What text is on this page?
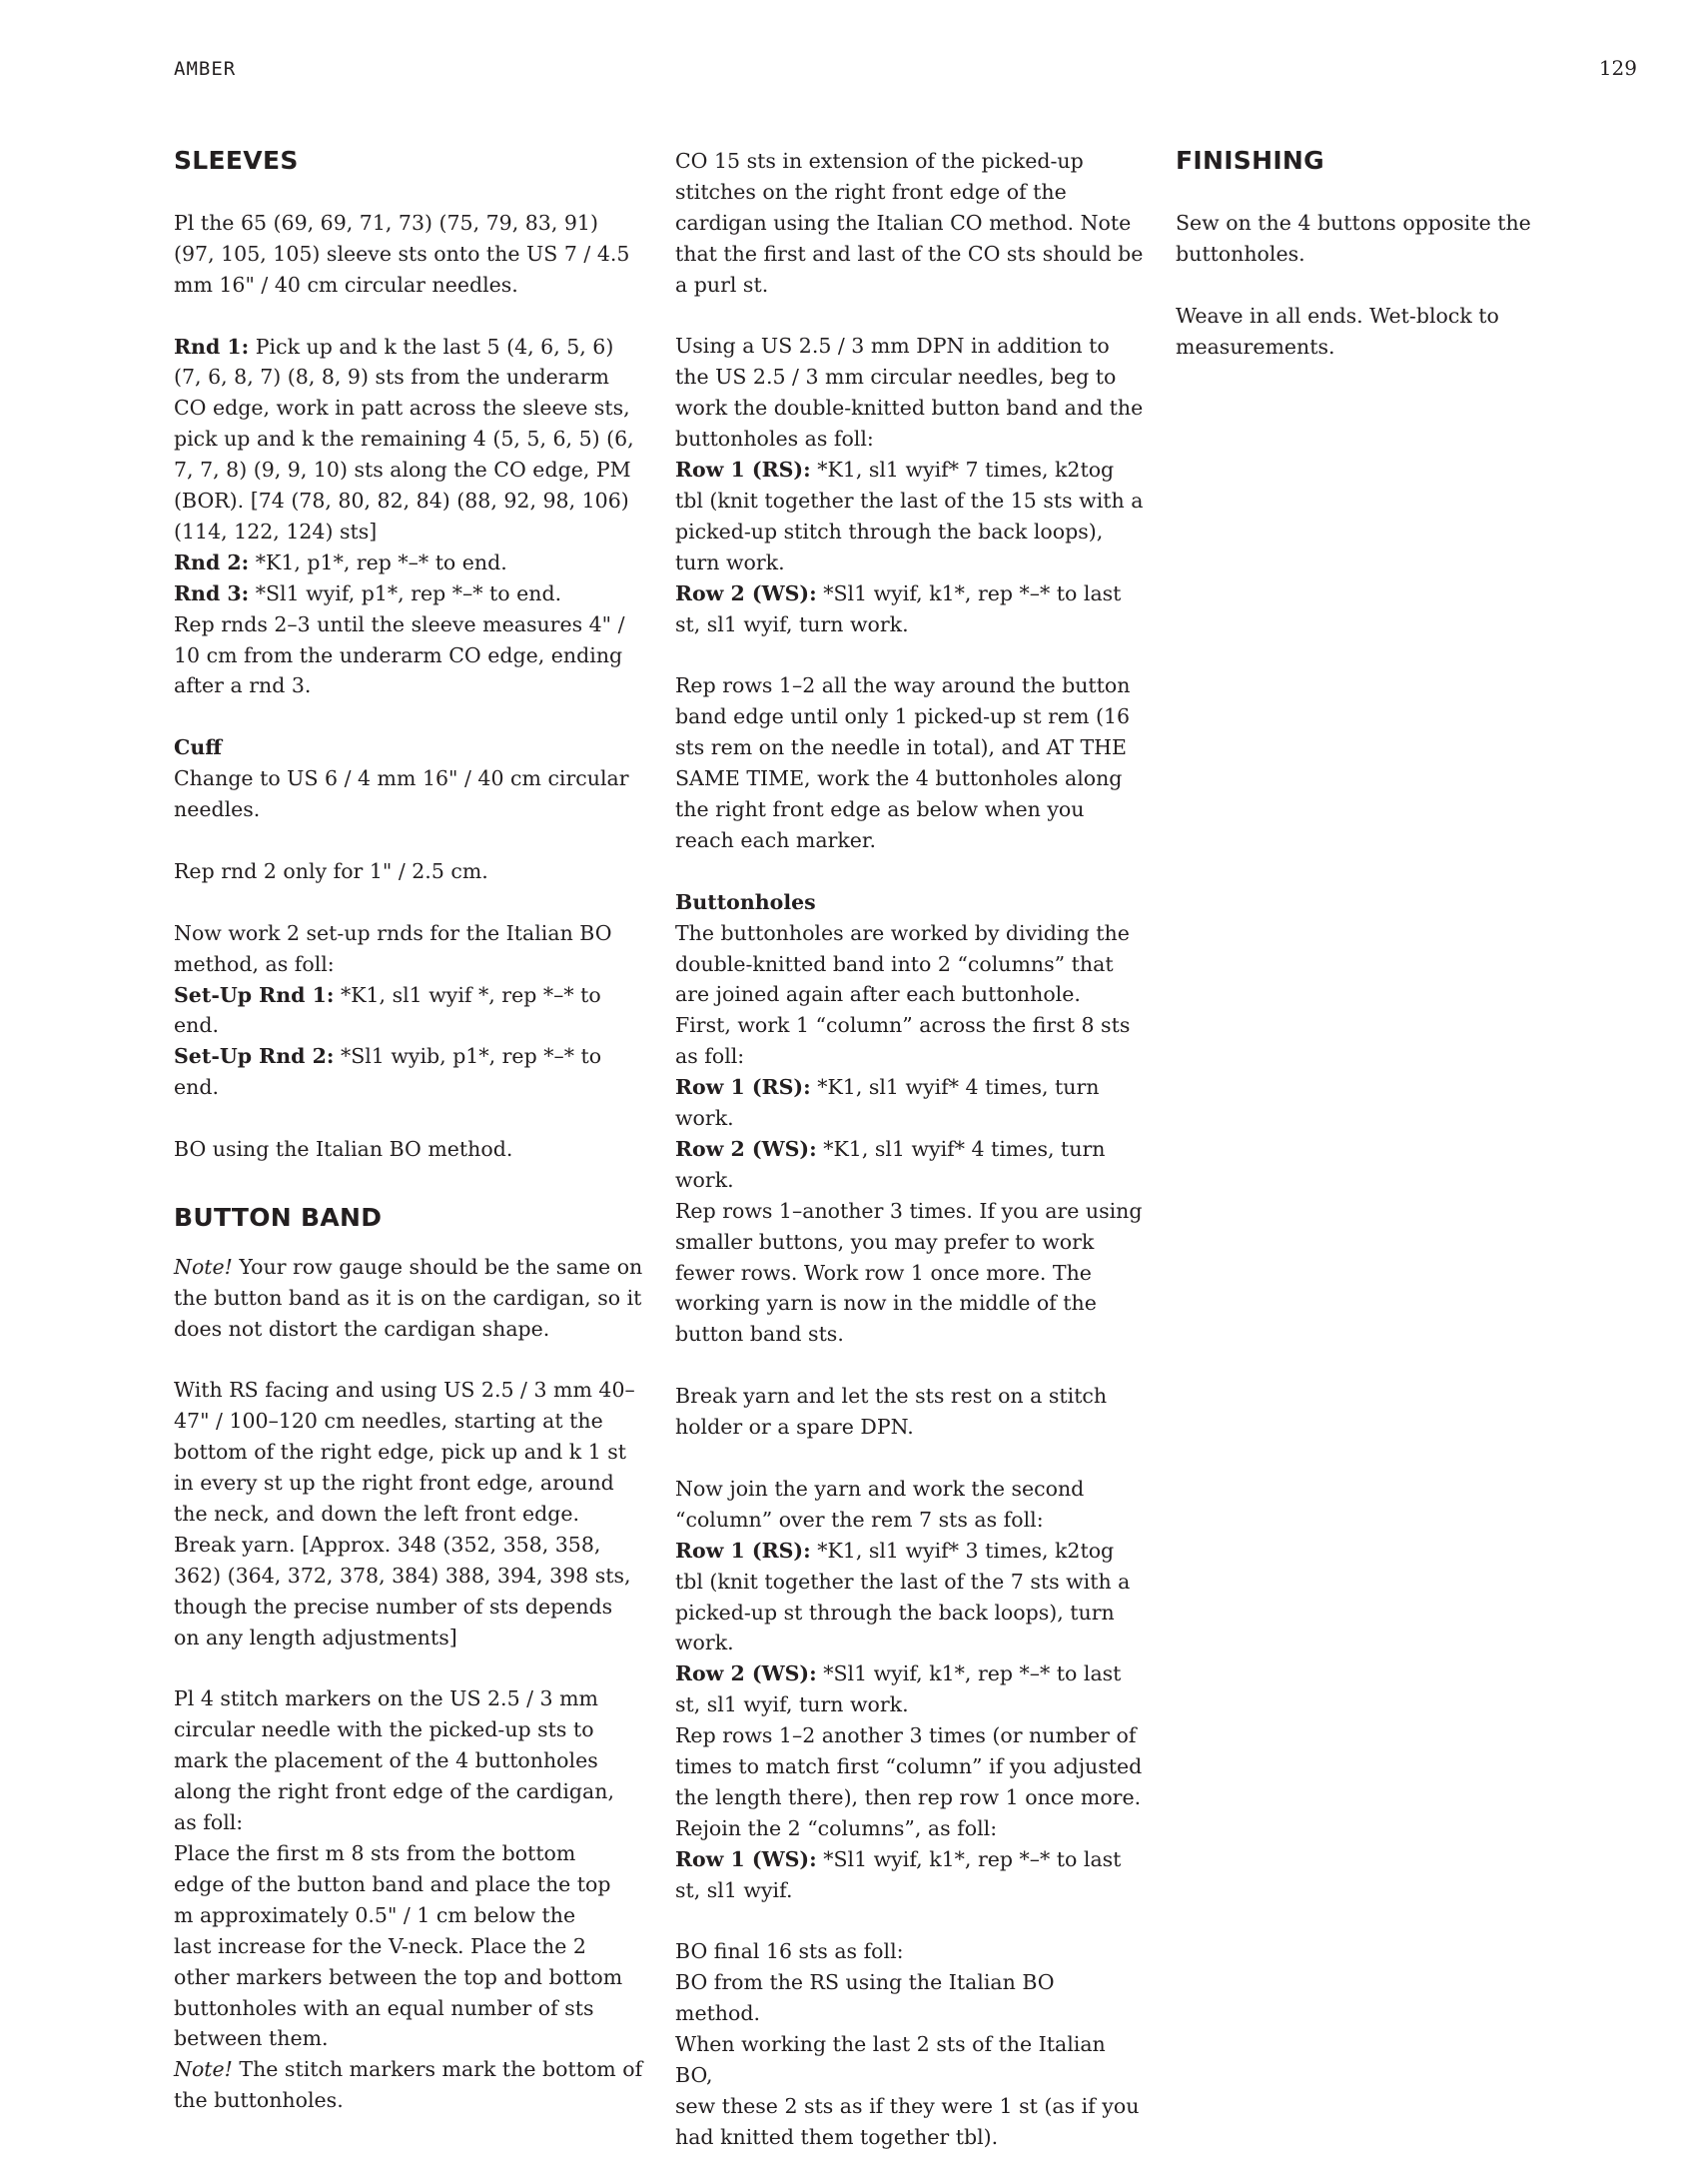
AMBER	129

SLEEVES

Pl the 65 (69, 69, 71, 73) (75, 79, 83, 91) (97, 105, 105) sleeve sts onto the US 7 / 4.5 mm 16" / 40 cm circular needles.

Rnd 1: Pick up and k the last 5 (4, 6, 5, 6) (7, 6, 8, 7) (8, 8, 9) sts from the underarm CO edge, work in patt across the sleeve sts, pick up and k the remaining 4 (5, 5, 6, 5) (6, 7, 7, 8) (9, 9, 10) sts along the CO edge, PM (BOR). [74 (78, 80, 82, 84) (88, 92, 98, 106) (114, 122, 124) sts]
Rnd 2: *K1, p1*, rep *–* to end.
Rnd 3: *Sl1 wyif, p1*, rep *–* to end.
Rep rnds 2–3 until the sleeve measures 4" / 10 cm from the underarm CO edge, ending after a rnd 3.

Cuff
Change to US 6 / 4 mm 16" / 40 cm circular needles.

Rep rnd 2 only for 1" / 2.5 cm.

Now work 2 set-up rnds for the Italian BO method, as foll:
Set-Up Rnd 1: *K1, sl1 wyif *, rep *–* to end.
Set-Up Rnd 2: *Sl1 wyib, p1*, rep *–* to end.

BO using the Italian BO method.

BUTTON BAND

Note! Your row gauge should be the same on the button band as it is on the cardigan, so it does not distort the cardigan shape.

With RS facing and using US 2.5 / 3 mm 40–47" / 100–120 cm needles, starting at the bottom of the right edge, pick up and k 1 st in every st up the right front edge, around the neck, and down the left front edge. Break yarn. [Approx. 348 (352, 358, 358, 362) (364, 372, 378, 384) 388, 394, 398 sts, though the precise number of sts depends on any length adjustments]

Pl 4 stitch markers on the US 2.5 / 3 mm circular needle with the picked-up sts to mark the placement of the 4 buttonholes along the right front edge of the cardigan, as foll:
Place the first m 8 sts from the bottom
edge of the button band and place the top
m approximately 0.5" / 1 cm below the
last increase for the V-neck. Place the 2
other markers between the top and bottom
buttonholes with an equal number of sts
between them.
Note! The stitch markers mark the bottom of the buttonholes.

CO 15 sts in extension of the picked-up stitches on the right front edge of the cardigan using the Italian CO method. Note that the first and last of the CO sts should be a purl st.

Using a US 2.5 / 3 mm DPN in addition to the US 2.5 / 3 mm circular needles, beg to work the double-knitted button band and the buttonholes as foll:
Row 1 (RS): *K1, sl1 wyif* 7 times, k2tog tbl (knit together the last of the 15 sts with a picked-up stitch through the back loops), turn work.
Row 2 (WS): *Sl1 wyif, k1*, rep *–* to last st, sl1 wyif, turn work.

Rep rows 1–2 all the way around the button band edge until only 1 picked-up st rem (16 sts rem on the needle in total), and AT THE SAME TIME, work the 4 buttonholes along the right front edge as below when you reach each marker.

Buttonholes
The buttonholes are worked by dividing the double-knitted band into 2 “columns” that are joined again after each buttonhole.
First, work 1 “column” across the first 8 sts as foll:
Row 1 (RS): *K1, sl1 wyif* 4 times, turn work.
Row 2 (WS): *K1, sl1 wyif* 4 times, turn work.
Rep rows 1–another 3 times. If you are using smaller buttons, you may prefer to work fewer rows. Work row 1 once more. The working yarn is now in the middle of the button band sts.

Break yarn and let the sts rest on a stitch holder or a spare DPN.

Now join the yarn and work the second “column” over the rem 7 sts as foll:
Row 1 (RS): *K1, sl1 wyif* 3 times, k2tog tbl (knit together the last of the 7 sts with a picked-up st through the back loops), turn work.
Row 2 (WS): *Sl1 wyif, k1*, rep *–* to last st, sl1 wyif, turn work.
Rep rows 1–2 another 3 times (or number of times to match first “column” if you adjusted the length there), then rep row 1 once more.
Rejoin the 2 “columns”, as foll:
Row 1 (WS): *Sl1 wyif, k1*, rep *–* to last st, sl1 wyif.

BO final 16 sts as foll:
BO from the RS using the Italian BO method.
When working the last 2 sts of the Italian BO,
sew these 2 sts as if they were 1 st (as if you
had knitted them together tbl).

FINISHING

Sew on the 4 buttons opposite the buttonholes.

Weave in all ends. Wet-block to measurements.
